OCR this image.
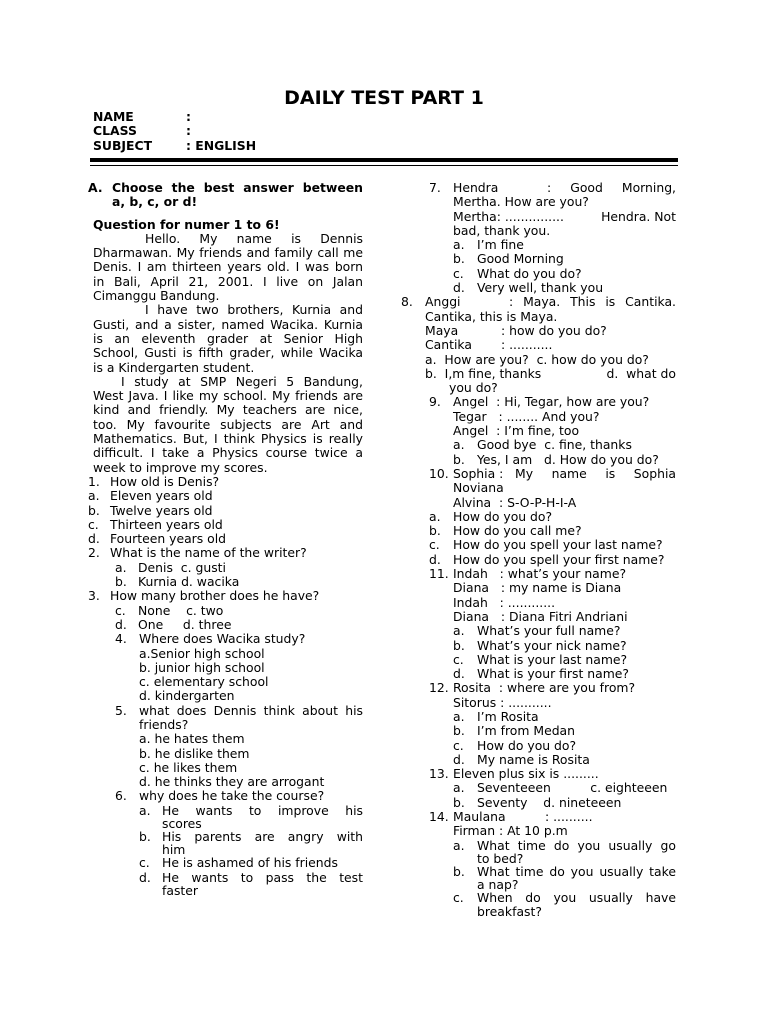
DAILY TEST PART 1
NAME	:
CLASS	:
SUBJECT	: ENGLISH
A. Choose the best answer between
a, b, c, or d!
Question for numer 1 to 6!

Hello. My name is Dennis Dharmawan. My friends and family call me Denis. I am thirteen years old. I was born in Bali, April 21, 2001. I live on Jalan Cimanggu Bandung.

I have two brothers, Kurnia and Gusti, and a sister, named Wacika. Kurnia is an eleventh grader at Senior High School, Gusti is fifth grader, while Wacika is a Kindergarten student.

I study at SMP Negeri 5 Bandung, West Java. I like my school. My friends are kind and friendly. My teachers are nice, too. My favourite subjects are Art and Mathematics. But, I think Physics is really difficult. I take a Physics course twice a week to improve my scores.

1. How old is Denis?
a. Eleven years old
b. Twelve years old
c. Thirteen years old
d. Fourteen years old
2. What is the name of the writer?
a. Denis  c. gusti
b. Kurnia d. wacika
3. How many brother does he have?
c. None    c. two
d. One     d. three
4. Where does Wacika study?
a.Senior high school
b. junior high school
c. elementary school
d. kindergarten
5. what does Dennis think about his
friends?
a. he hates them
b. he dislike them
c. he likes them
d. he thinks they are arrogant
6. why does he take the course?
a. He wants to improve his
scores
b. His parents are angry with
him
c. He is ashamed of his friends
d. He wants to pass the test
faster
7. Hendra	: Good Morning,
Mertha. How are you?
Mertha: ...............	Hendra. Not
bad, thank you.
a.	I’m fine
b. Good Morning
c.	What do you do?
d. Very well, thank you
8. Anggi	: Maya. This is Cantika.
Cantika, this is Maya.
Maya	: how do you do?
Cantika	: ...........
a.  How are you?  c. how do you do?
b.  I,m fine, thanks	d.  what do
you do?
9. Angel  : Hi, Tegar, how are you?
Tegar   : ........ And you?
Angel  : I’m fine, too
a.	Good bye  c. fine, thanks
b. Yes, I am   d. How do you do?
10. Sophia : My name is Sophia
Noviana
Alvina  : S-O-P-H-I-A
a.	How do you do?
b. How do you call me?
c.	How do you spell your last name?
d. How do you spell your first name?
11. Indah   : what’s your name?
Diana   : my name is Diana
Indah   : ............
Diana   : Diana Fitri Andriani
a.	What’s your full name?
b. What’s your nick name?
c.	What is your last name?
d. What is your first name?
12. Rosita  : where are you from?
Sitorus : ...........
a.	I’m Rosita
b. I’m from Medan
c.	How do you do?
d. My name is Rosita
13. Eleven plus six is .........
a.	Seventeeen          c. eighteeen
b. Seventy    d. nineteeen
14. Maulana          : ..........
Firman : At 10 p.m
a.	What time do you usually go
to bed?
b. What time do you usually take
a nap?
c.	When do you usually have
breakfast?
